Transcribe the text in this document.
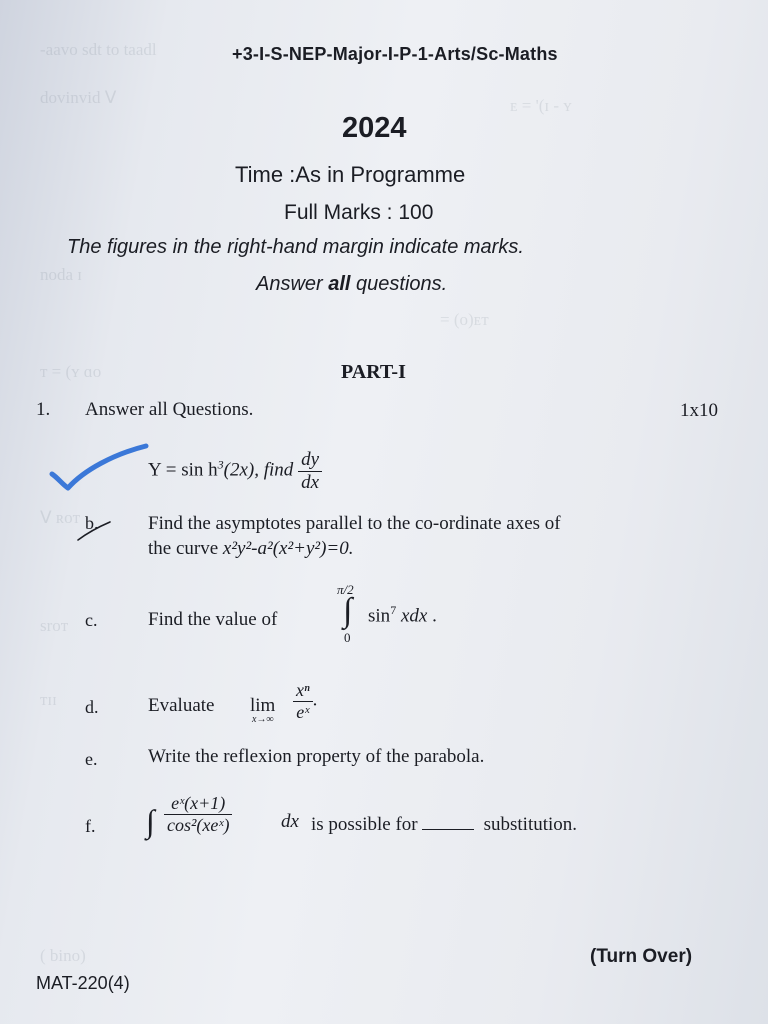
-aavo sdt to taadl
dovinvid Ⅴ	ᴇ = '(ɪ - ʏ
noda ɪ
= (ᴏ)ᴇᴛ
ᴛ = (ʏ ɑᴏ
Ⅴ ʀoᴛ
sroᴛ
ᴛɪɪ
( bino)
+3-I-S-NEP-Major-I-P-1-Arts/Sc-Maths
2024
Time :As in Programme
Full Marks : 100
The figures in the right-hand margin indicate marks.
Answer all questions.
PART-I
1. Answer all Questions.	1x10
$Y = \sin h^3(2x)$, find $\frac{dy}{dx}$
b.	Find the asymptotes parallel to the co-ordinate axes of
the curve x²y²-a²(x²+y²)=0.
c.	Find the value of
π/2
∫
0
$\sin^7$ xdx .
d.	Evaluate lim
$x\to\infty \frac{\text{xⁿ}}{\text{eˣ}}$ .
e.	Write the reflexion property of the parabola.
f. ∫ $\frac{\text{eˣ(x+1)}}{\text{cos²(xeˣ)}}$	dx is possible for	substitution.
(Turn Over)
MAT-220(4)
